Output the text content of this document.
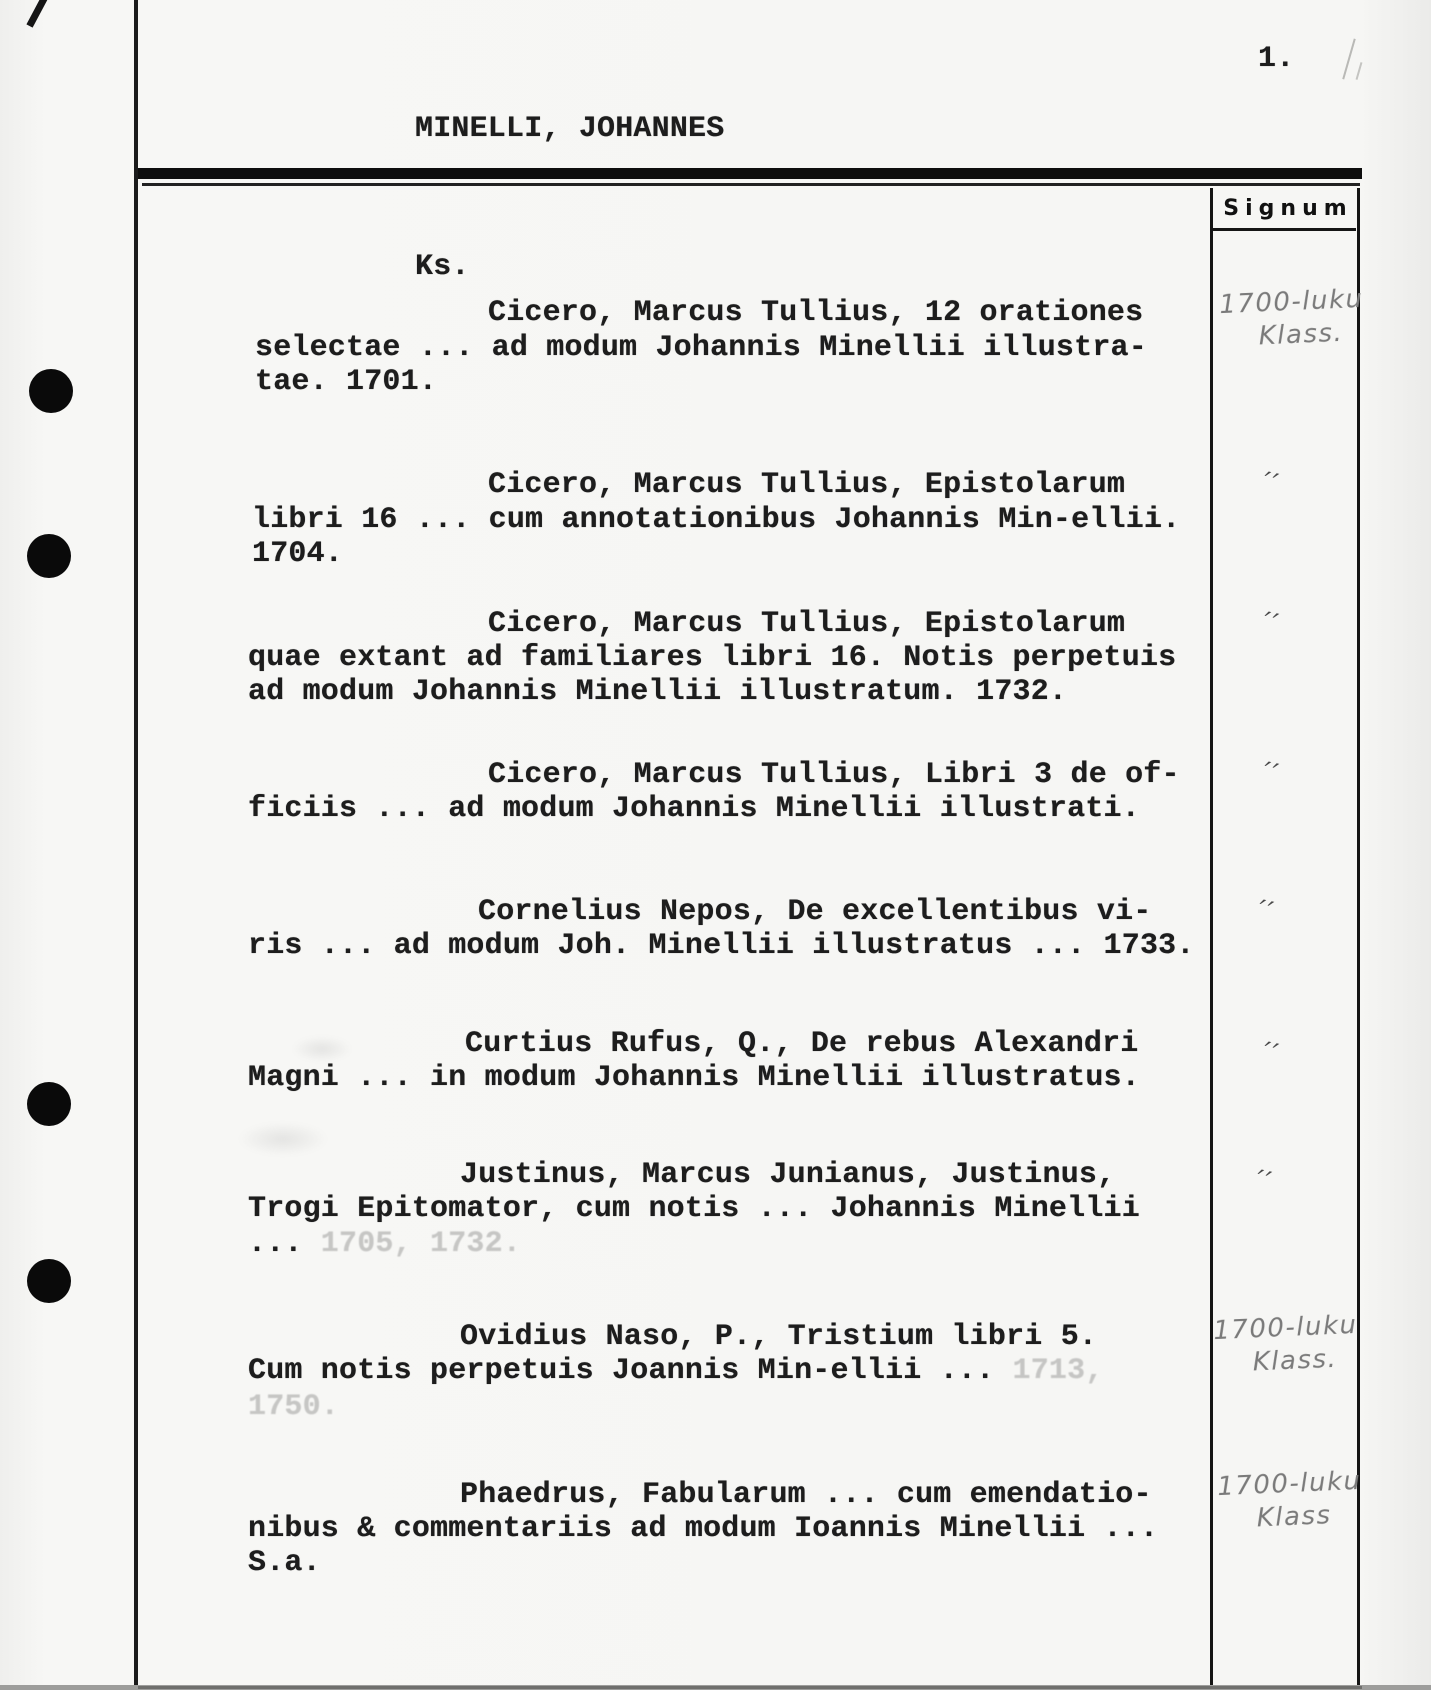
1.
MINELLI, JOHANNES
Signum
Ks.
Cicero, Marcus Tullius, 12 orationes
selectae ... ad modum Johannis Minellii illustra-
tae. 1701.
1700-luku
Klass.
Cicero, Marcus Tullius, Epistolarum
libri 16 ... cum annotationibus Johannis Min-ellii.
1704.
′′
Cicero, Marcus Tullius, Epistolarum
quae extant ad familiares libri 16. Notis perpetuis
ad modum Johannis Minellii illustratum. 1732.
′′
Cicero, Marcus Tullius, Libri 3 de of-
ficiis ... ad modum Johannis Minellii illustrati.
′′
Cornelius Nepos, De excellentibus vi-
ris ... ad modum Joh. Minellii illustratus ... 1733.
′′
Curtius Rufus, Q., De rebus Alexandri
Magni ... in modum Johannis Minellii illustratus.
′′
Justinus, Marcus Junianus, Justinus,
Trogi Epitomator, cum notis ... Johannis Minellii
... 1705, 1732.
′′
Ovidius Naso, P., Tristium libri 5.
Cum notis perpetuis Joannis Min-ellii ... 1713,
1750.
1700-luku
Klass.
Phaedrus, Fabularum ... cum emendatio-
nibus & commentariis ad modum Ioannis Minellii ...
S.a.
1700-luku
Klass
